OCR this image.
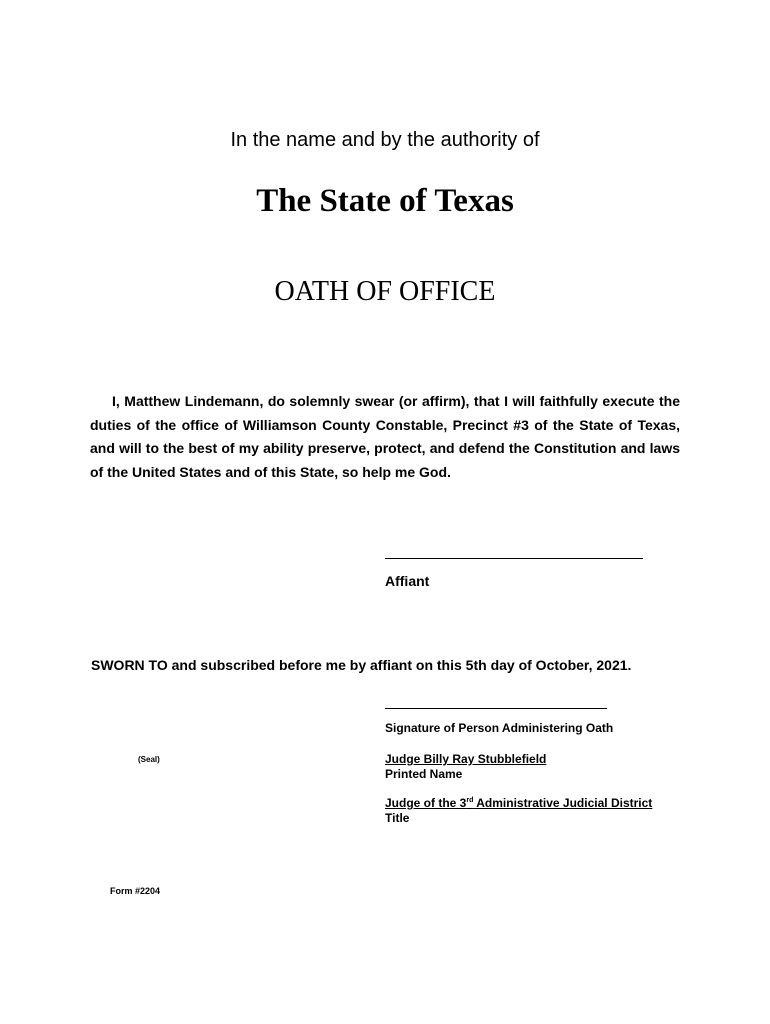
In the name and by the authority of
The State of Texas
OATH OF OFFICE
I, Matthew Lindemann, do solemnly swear (or affirm), that I will faithfully execute the duties of the office of Williamson County Constable, Precinct #3 of the State of Texas, and will to the best of my ability preserve, protect, and defend the Constitution and laws of the United States and of this State, so help me God.
Affiant
SWORN TO and subscribed before me by affiant on this 5th day of October, 2021.
Signature of Person Administering Oath
(Seal)	Judge Billy Ray Stubblefield
Printed Name
Judge of the 3rd Administrative Judicial District
Title
Form #2204
